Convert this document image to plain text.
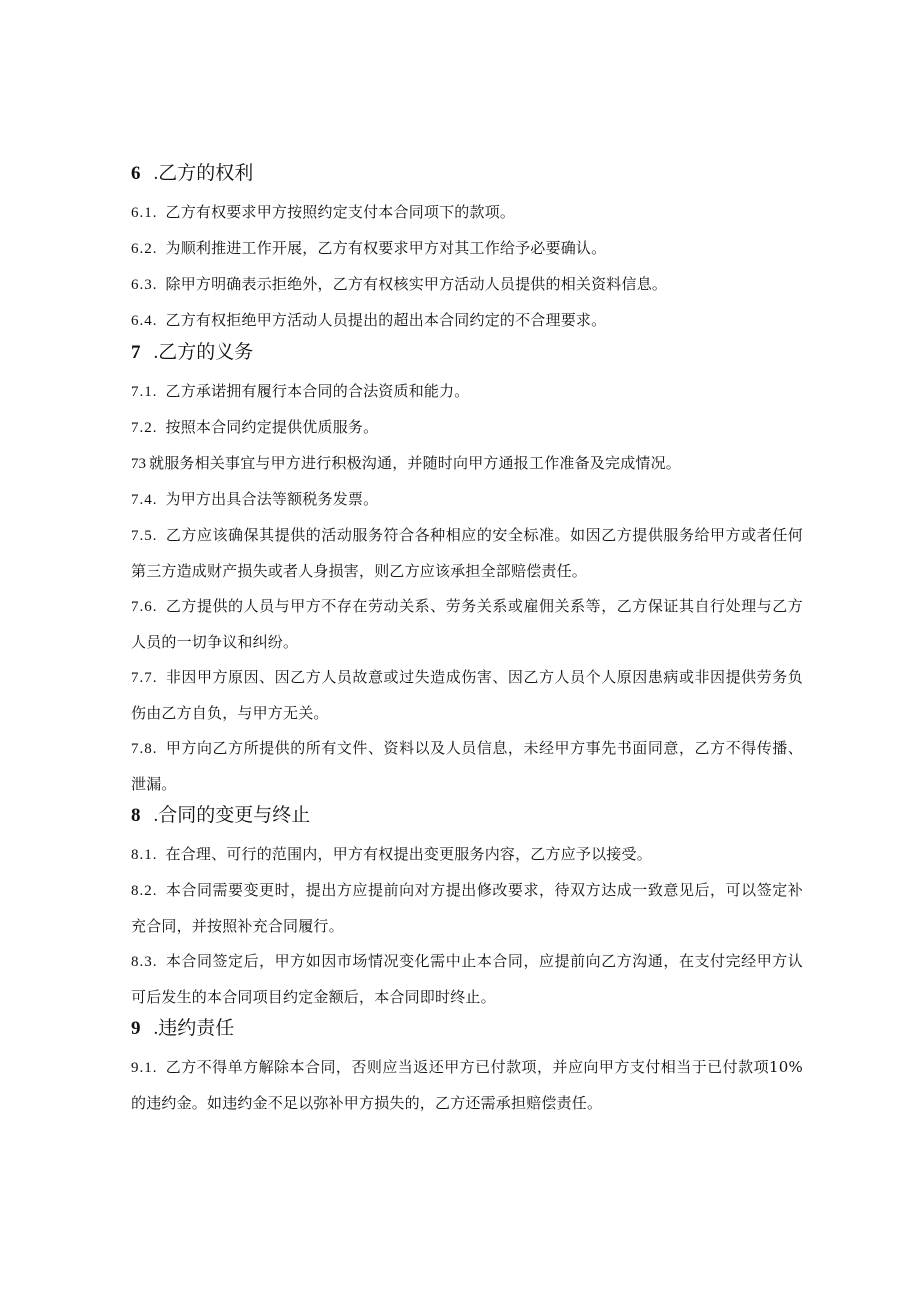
6 . 乙方的权利

6.1. 乙方有权要求甲方按照约定支付本合同项下的款项。

6.2. 为顺利推进工作开展，乙方有权要求甲方对其工作给予必要确认。

6.3. 除甲方明确表示拒绝外，乙方有权核实甲方活动人员提供的相关资料信息。

6.4. 乙方有权拒绝甲方活动人员提出的超出本合同约定的不合理要求。

7 . 乙方的义务

7.1. 乙方承诺拥有履行本合同的合法资质和能力。

7.2. 按照本合同约定提供优质服务。

73 就服务相关事宜与甲方进行积极沟通，并随时向甲方通报工作准备及完成情况。

7.4. 为甲方出具合法等额税务发票。

7.5. 乙方应该确保其提供的活动服务符合各种相应的安全标准。如因乙方提供服务给甲方或者任何第三方造成财产损失或者人身损害，则乙方应该承担全部赔偿责任。

7.6. 乙方提供的人员与甲方不存在劳动关系、劳务关系或雇佣关系等，乙方保证其自行处理与乙方人员的一切争议和纠纷。

7.7. 非因甲方原因、因乙方人员故意或过失造成伤害、因乙方人员个人原因患病或非因提供劳务负伤由乙方自负，与甲方无关。

7.8. 甲方向乙方所提供的所有文件、资料以及人员信息，未经甲方事先书面同意，乙方不得传播、泄漏。

8 . 合同的变更与终止

8.1. 在合理、可行的范围内，甲方有权提出变更服务内容，乙方应予以接受。

8.2. 本合同需要变更时，提出方应提前向对方提出修改要求，待双方达成一致意见后，可以签定补充合同，并按照补充合同履行。

8.3. 本合同签定后，甲方如因市场情况变化需中止本合同，应提前向乙方沟通，在支付完经甲方认可后发生的本合同项目约定金额后，本合同即时终止。

9 . 违约责任

9.1. 乙方不得单方解除本合同，否则应当返还甲方已付款项，并应向甲方支付相当于已付款项10%的违约金。如违约金不足以弥补甲方损失的，乙方还需承担赔偿责任。
